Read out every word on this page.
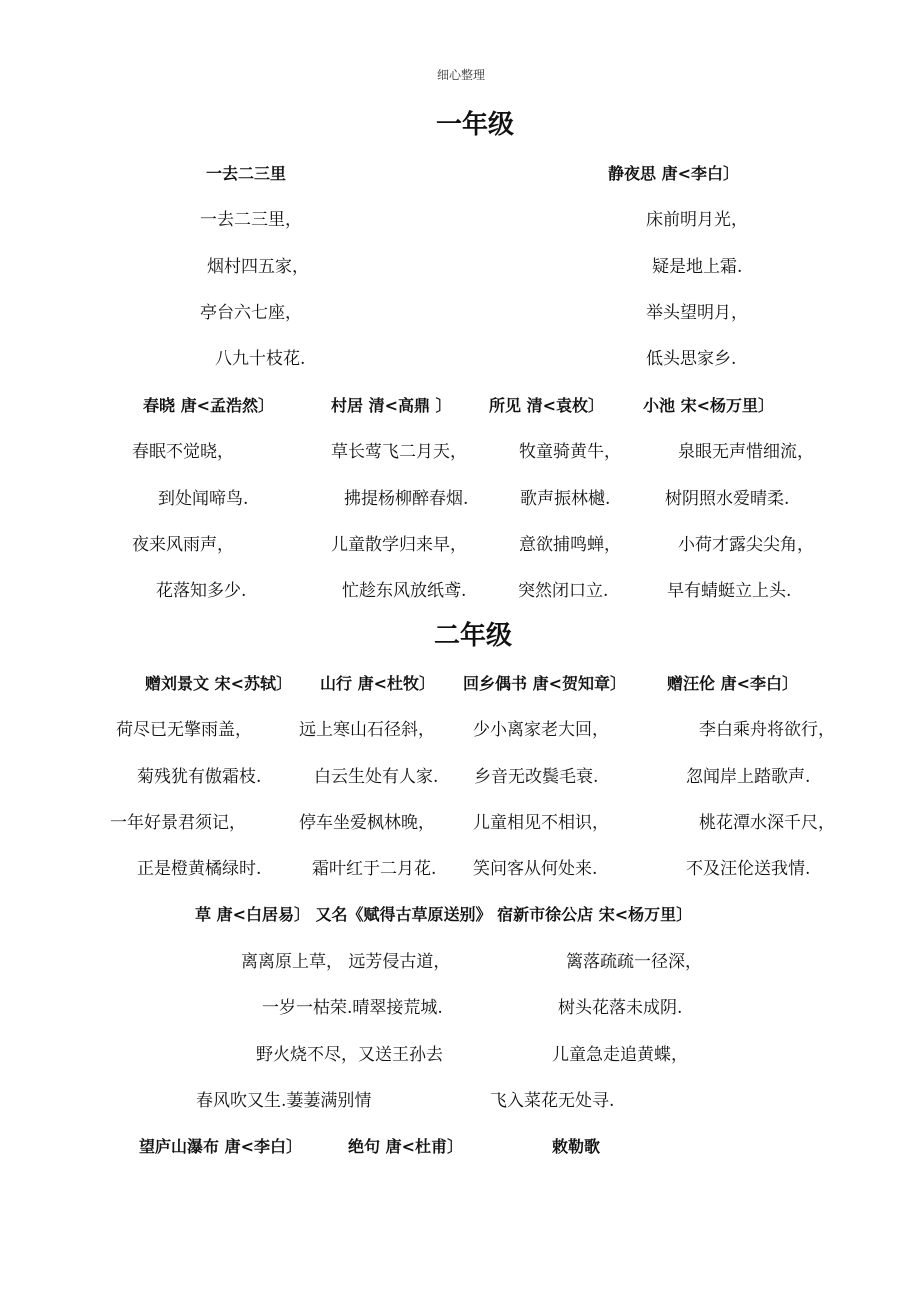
细心整理
一年级
一去二三里
一去二三里，
烟村四五家，
亭台六七座，
八九十枝花.
静夜思 唐<李白〕
床前明月光，
疑是地上霜.
举头望明月，
低头思家乡.
春晓 唐<孟浩然〕
春眠不觉晓，
到处闻啼鸟.
夜来风雨声，
花落知多少.
村居 清<高鼎 〕
草长莺飞二月天，
拂提杨柳醉春烟.
儿童散学归来早，
忙趁东风放纸鸢.
所见 清<袁枚〕
牧童骑黄牛，
歌声振林樾.
意欲捕鸣蝉，
突然闭口立.
小池 宋<杨万里〕
泉眼无声惜细流，
树阴照水爱晴柔.
小荷才露尖尖角，
早有蜻蜓立上头.
二年级
赠刘景文 宋<苏轼〕
荷尽已无擎雨盖，
菊残犹有傲霜枝.
一年好景君须记，
正是橙黄橘绿时.
山行 唐<杜牧〕
远上寒山石径斜，
白云生处有人家.
停车坐爱枫林晚，
霜叶红于二月花.
回乡偶书 唐<贺知章〕
少小离家老大回，
乡音无改鬓毛衰.
儿童相见不相识，
笑问客从何处来.
赠汪伦 唐<李白〕
李白乘舟将欲行，
忽闻岸上踏歌声.
桃花潭水深千尺，
不及汪伦送我情.
草 唐<白居易〕 又名《赋得古草原送别》 宿新市徐公店 宋<杨万里〕
离离原上草， 远芳侵古道，
一岁一枯荣.晴翠接荒城.
野火烧不尽，又送王孙去
春风吹又生.萋萋满别情
篱落疏疏一径深，
树头花落未成阴.
儿童急走追黄蝶，
飞入菜花无处寻.
望庐山瀑布 唐<李白〕	绝句 唐<杜甫〕	敕勒歌
